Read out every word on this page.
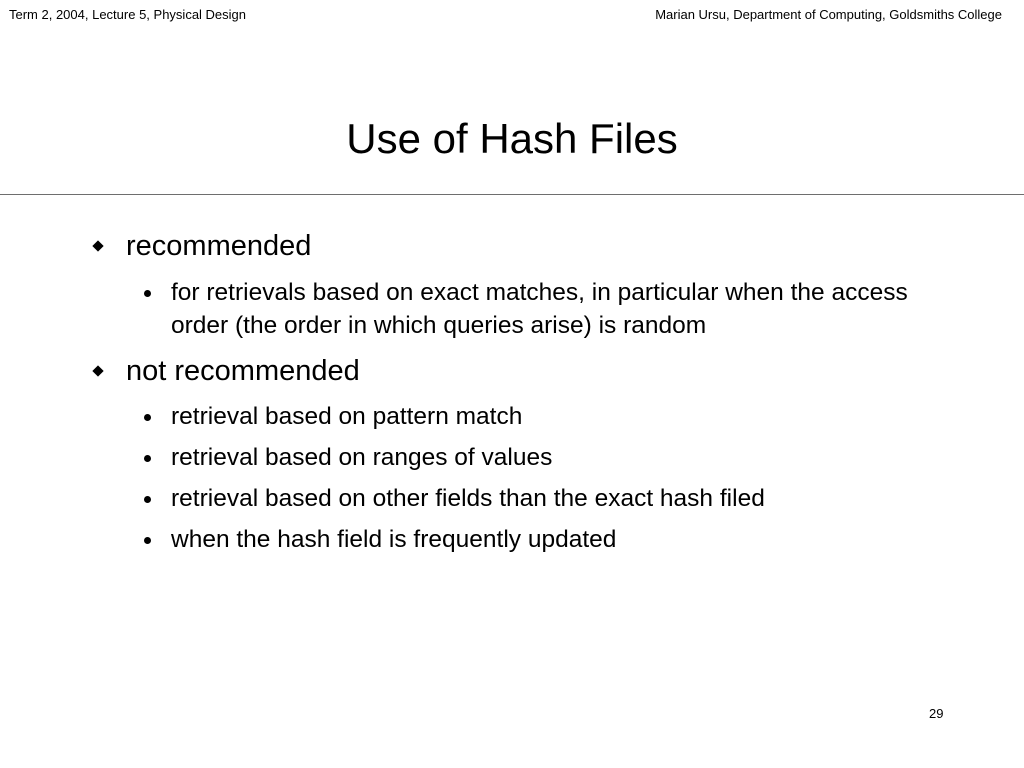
Term 2, 2004, Lecture 5, Physical Design	Marian Ursu, Department of Computing, Goldsmiths College
Use of Hash Files
recommended
for retrievals based on exact matches, in particular when the access order (the order in which queries arise) is random
not recommended
retrieval based on pattern match
retrieval based on ranges of values
retrieval based on other fields than the exact hash filed
when the hash field is frequently updated
29
